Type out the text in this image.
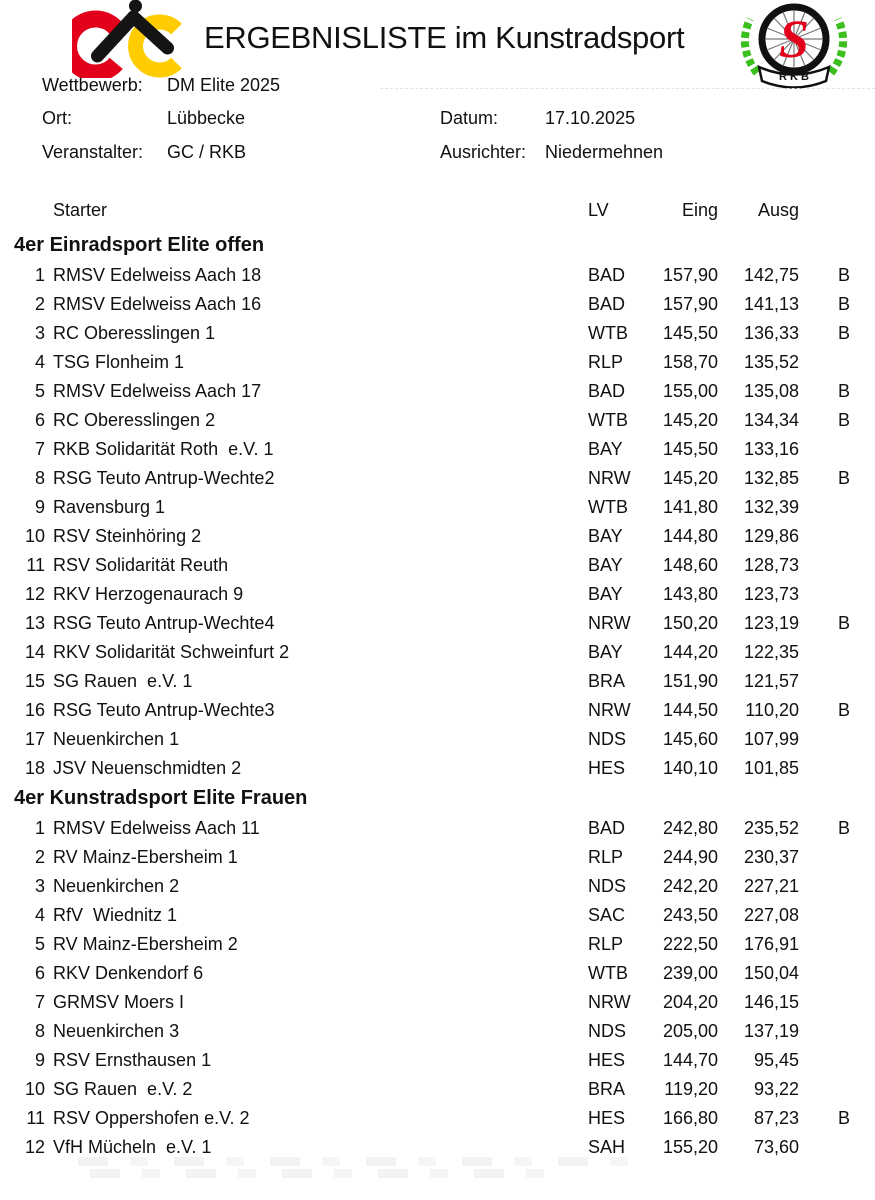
ERGEBNISLISTE im Kunstradsport S
R K B
Wettbewerb: DM Elite 2025
Ort:	Lübbecke	Datum:	17.10.2025
Veranstalter: GC / RKB	Ausrichter: Niedermehnen
Starter	LV	Eing	Ausg
4er Einradsport Elite offen
1 RMSV Edelweiss Aach 18	BAD	157,90	142,75 B
2 RMSV Edelweiss Aach 16	BAD	157,90	141,13 B
3 RC Oberesslingen 1	WTB	145,50	136,33 B
4 TSG Flonheim 1	RLP	158,70	135,52
5 RMSV Edelweiss Aach 17	BAD	155,00	135,08 B
6 RC Oberesslingen 2	WTB	145,20	134,34 B
7 RKB Solidarität Roth  e.V. 1	BAY	145,50	133,16
8 RSG Teuto Antrup-Wechte2	NRW	145,20	132,85 B
9 Ravensburg 1	WTB	141,80	132,39
10 RSV Steinhöring 2	BAY	144,80	129,86
11 RSV Solidarität Reuth	BAY	148,60	128,73
12 RKV Herzogenaurach 9	BAY	143,80	123,73
13 RSG Teuto Antrup-Wechte4	NRW	150,20	123,19 B
14 RKV Solidarität Schweinfurt 2	BAY	144,20	122,35
15 SG Rauen  e.V. 1	BRA	151,90	121,57
16 RSG Teuto Antrup-Wechte3	NRW	144,50	110,20 B
17 Neuenkirchen 1	NDS	145,60	107,99
18 JSV Neuenschmidten 2	HES	140,10	101,85
4er Kunstradsport Elite Frauen
1 RMSV Edelweiss Aach 11	BAD	242,80	235,52 B
2 RV Mainz-Ebersheim 1	RLP	244,90	230,37
3 Neuenkirchen 2	NDS	242,20	227,21
4 RfV  Wiednitz 1	SAC	243,50	227,08
5 RV Mainz-Ebersheim 2	RLP	222,50	176,91
6 RKV Denkendorf 6	WTB	239,00	150,04
7 GRMSV Moers I	NRW	204,20	146,15
8 Neuenkirchen 3	NDS	205,00	137,19
9 RSV Ernsthausen 1	HES	144,70	95,45
10 SG Rauen  e.V. 2	BRA	119,20	93,22
11 RSV Oppershofen e.V. 2	HES	166,80	87,23 B
12 VfH Mücheln  e.V. 1	SAH	155,20	73,60
